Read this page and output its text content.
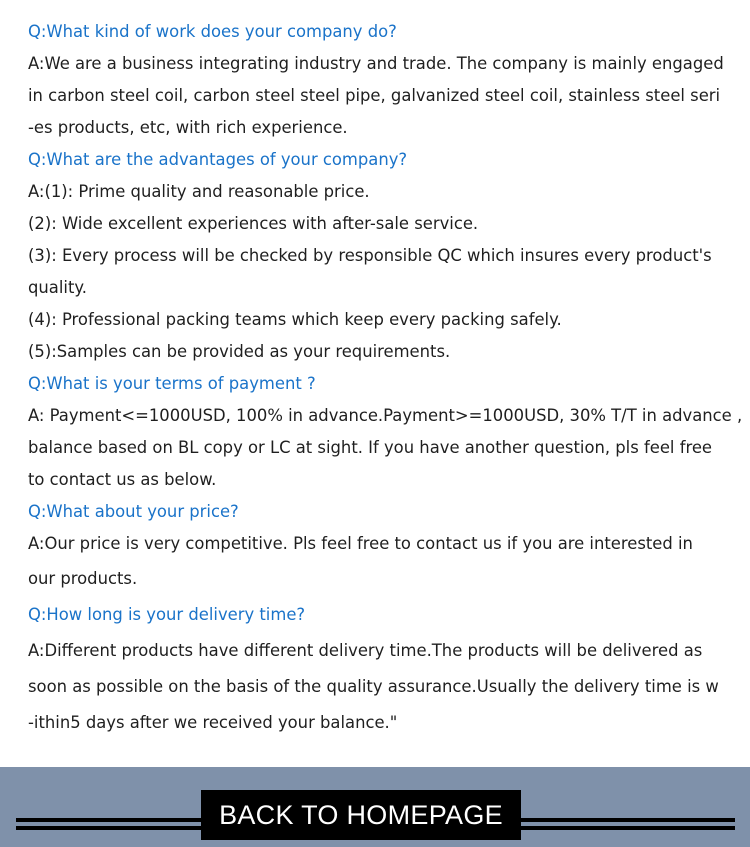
Q:What kind of work does your company do?
A:We are a business integrating industry and trade. The company is mainly engaged
in carbon steel coil, carbon steel steel pipe, galvanized steel coil, stainless steel seri
-es products, etc, with rich experience.
Q:What are the advantages of your company?
A:(1): Prime quality and reasonable price.
(2): Wide excellent experiences with after-sale service.
(3): Every process will be checked by responsible QC which insures every product's
quality.
(4): Professional packing teams which keep every packing safely.
(5):Samples can be provided as your requirements.
Q:What is your terms of payment ?
A: Payment<=1000USD, 100% in advance.Payment>=1000USD, 30% T/T in advance ,
balance based on BL copy or LC at sight. If you have another question, pls feel free
to contact us as below.
Q:What about your price?
A:Our price is very competitive. Pls feel free to contact us if you are interested in
our products.
Q:How long is your delivery time?
A:Different products have different delivery time.The products will be delivered as
soon as possible on the basis of the quality assurance.Usually the delivery time is w
-ithin5 days after we received your balance."
BACK TO HOMEPAGE
